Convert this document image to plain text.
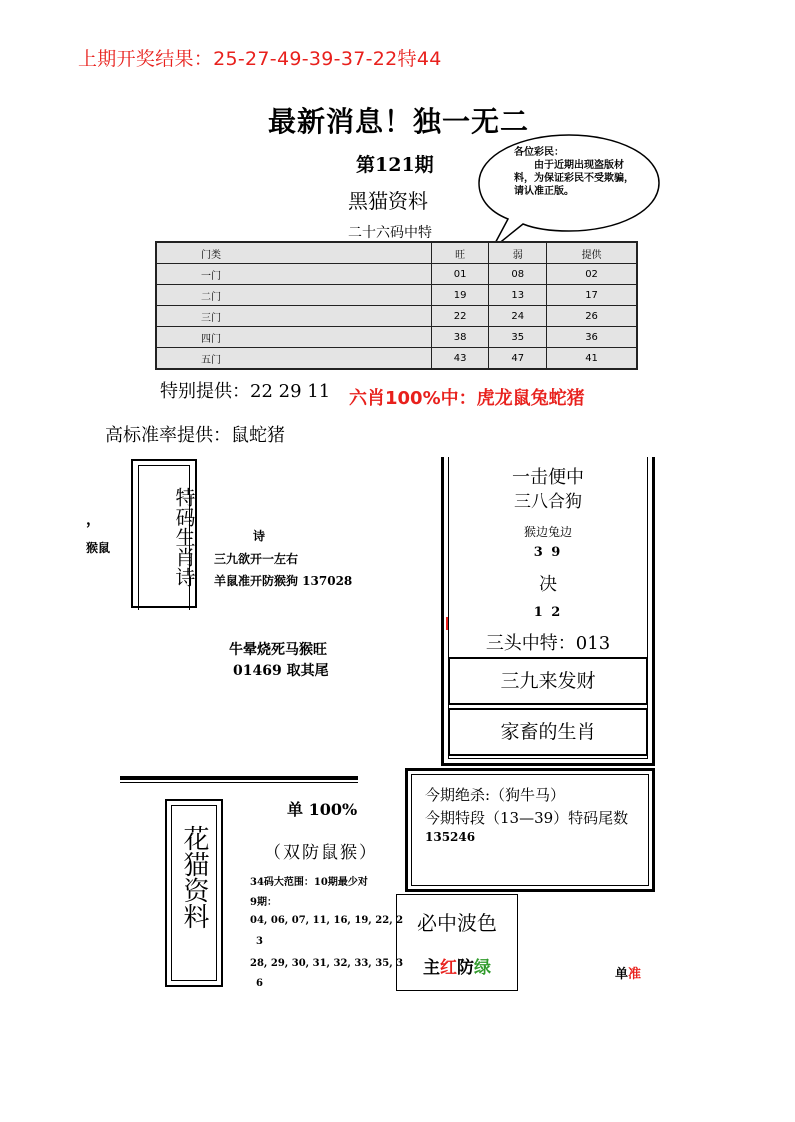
上期开奖结果：25-27-49-39-37-22特44
最新消息！独一无二
第121期
黑猫资料
二十六码中特
各位彩民：
由于近期出现盗版材料，为保证彩民不受欺骗，请认准正版。
门类	旺	弱	提供
一门	01	08	02
二门	19	13	17
三门	22	24	26
四门	38	35	36
五门	43	47	41
特别提供：22 29 11 六肖100%中：虎龙鼠兔蛇猪
高标准率提供：鼠蛇猪
，
猴鼠	特码生肖诗	诗
三九欲开一左右
羊鼠准开防猴狗 137028
牛晕烧死马猴旺
01469 取其尾
一击便中
三八合狗
猴边兔边
3 9
决
1 2
三头中特：013
三九来发财
家畜的生肖
今期绝杀:（狗牛马）
今期特段（13—39）特码尾数
135246
花猫资料
单 100%
（双防鼠猴）
34码大范围：10期最少对
9期：
04, 06, 07, 11, 16, 19, 22, 2
3
28, 29, 30, 31, 32, 33, 35, 3
6
必中波色
主红防绿	单准
